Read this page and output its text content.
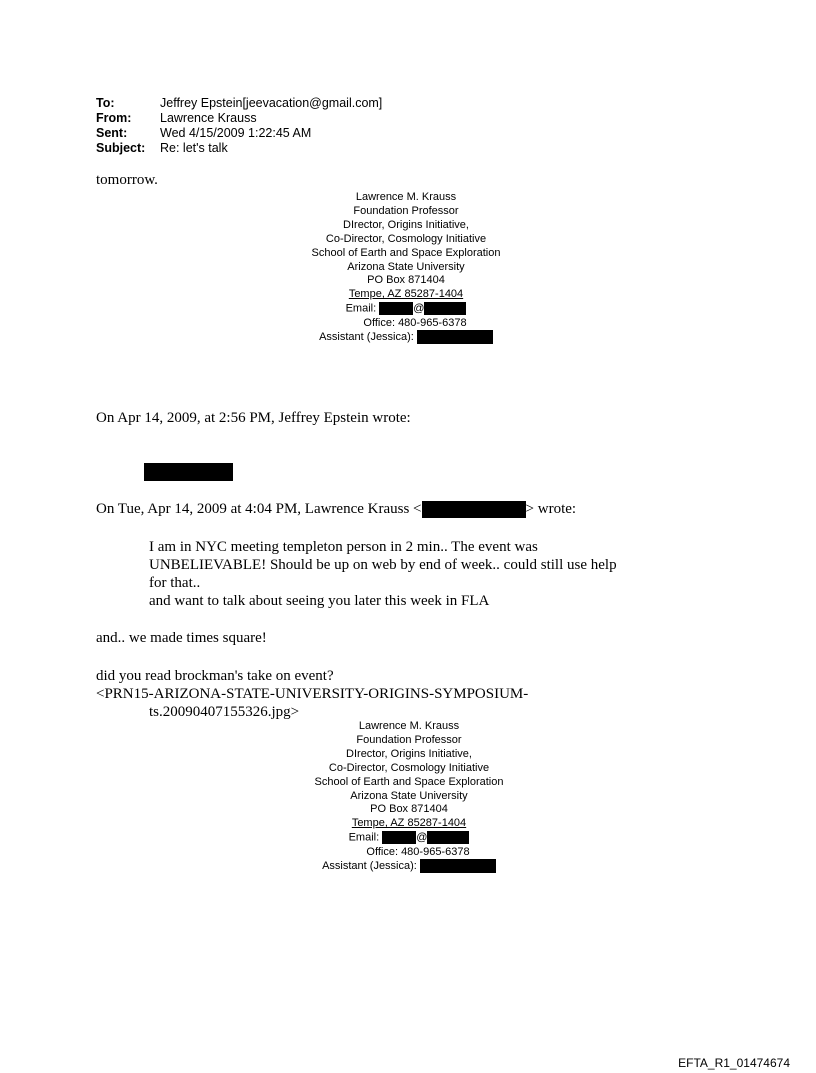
To:	Jeffrey Epstein[jeevacation@gmail.com]
From: Lawrence Krauss
Sent:	Wed 4/15/2009 1:22:45 AM
Subject: Re: let's talk
tomorrow.
Lawrence M. Krauss
Foundation Professor
DIrector, Origins Initiative,
Co-Director, Cosmology Initiative
School of Earth and Space Exploration
Arizona State University
PO Box 871404
Tempe, AZ 85287-1404
Email:	@
Office: 480-965-6378
Assistant (Jessica):
On Apr 14, 2009, at 2:56 PM, Jeffrey Epstein wrote:
On Tue, Apr 14, 2009 at 4:04 PM, Lawrence Krauss <	> wrote:
I am in NYC meeting templeton person in 2 min.. The event was
UNBELIEVABLE! Should be up on web by end of week.. could still use help
for that..
and want to talk about seeing you later this week in FLA
and.. we made times square!
did you read brockman's take on event?
<PRN15-ARIZONA-STATE-UNIVERSITY-ORIGINS-SYMPOSIUM-
ts.20090407155326.jpg>
Lawrence M. Krauss
Foundation Professor
DIrector, Origins Initiative,
Co-Director, Cosmology Initiative
School of Earth and Space Exploration
Arizona State University
PO Box 871404
Tempe, AZ 85287-1404
Email:	@
Office: 480-965-6378
Assistant (Jessica):
EFTA_R1_01474674
